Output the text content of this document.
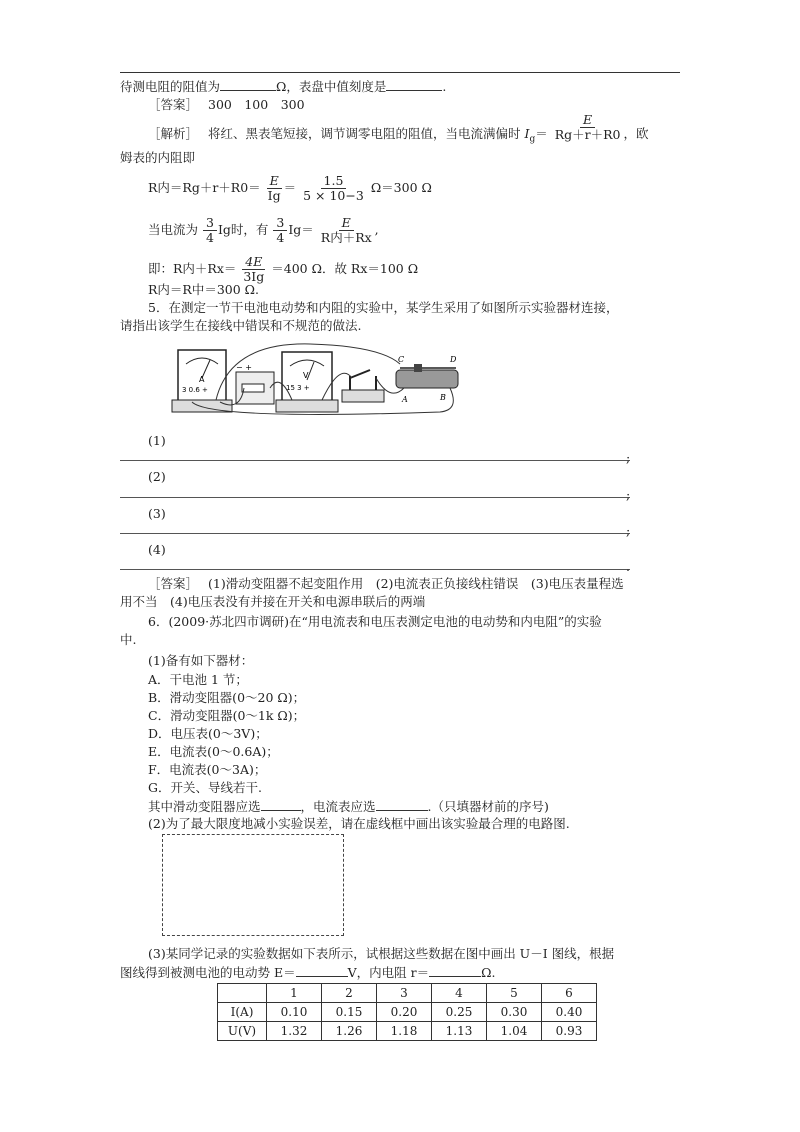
待测电阻的阻值为	Ω，表盘中值刻度是	.
［答案］ 300　100　300
［解析］ 将红、黑表笔短接，调节调零电阻的阻值，当电流满偏时 $I_g= \frac{E}{Rg+r+R0}$ ，欧
姆表的内阻即
R内$=Rg+r+R0= \frac{E}{Ig} = \frac{1.5}{5 \times 10-3} \Omega=300$ Ω
当电流为 $\frac{3}{4}$ Ig时，有 $\frac{3}{4} Ig= \frac{E}{\text{R内＋Rx}}$ ,
即：R内$+Rx= \frac{4E}{3Ig} =400$ Ω．故 Rx＝100 Ω
R内＝R中＝300 Ω.
5．在测定一节干电池电动势和内阻的实验中，某学生采用了如图所示实验器材连接，
请指出该学生在接线中错误和不规范的做法.
A
3 0.6 +
− +
V
15 3 +
C	D
A	B
(1)
;
(2)
;
(3)
;
(4)
.
［答案］ (1)滑动变阻器不起变阻作用　(2)电流表正负接线柱错误　(3)电压表量程选
用不当　(4)电压表没有并接在开关和电源串联后的两端
6．(2009·苏北四市调研)在“用电流表和电压表测定电池的电动势和内电阻”的实验
中.
(1)备有如下器材：
A．干电池 1 节；
B．滑动变阻器(0～20 Ω)；
C．滑动变阻器(0～1k Ω)；
D．电压表(0～3V)；
E．电流表(0～0.6A)；
F．电流表(0～3A)；
G．开关、导线若干.
其中滑动变阻器应选	，电流表应选	.（只填器材前的序号)
(2)为了最大限度地减小实验误差，请在虚线框中画出该实验最合理的电路图.
(3)某同学记录的实验数据如下表所示，试根据这些数据在图中画出 U－I 图线，根据
图线得到被测电池的电动势 E＝	V，内电阻 r＝	Ω.
	1	2	3	4	5	6
I(A)	0.10	0.15	0.20	0.25	0.30	0.40
U(V)	1.32	1.26	1.18	1.13	1.04	0.93
